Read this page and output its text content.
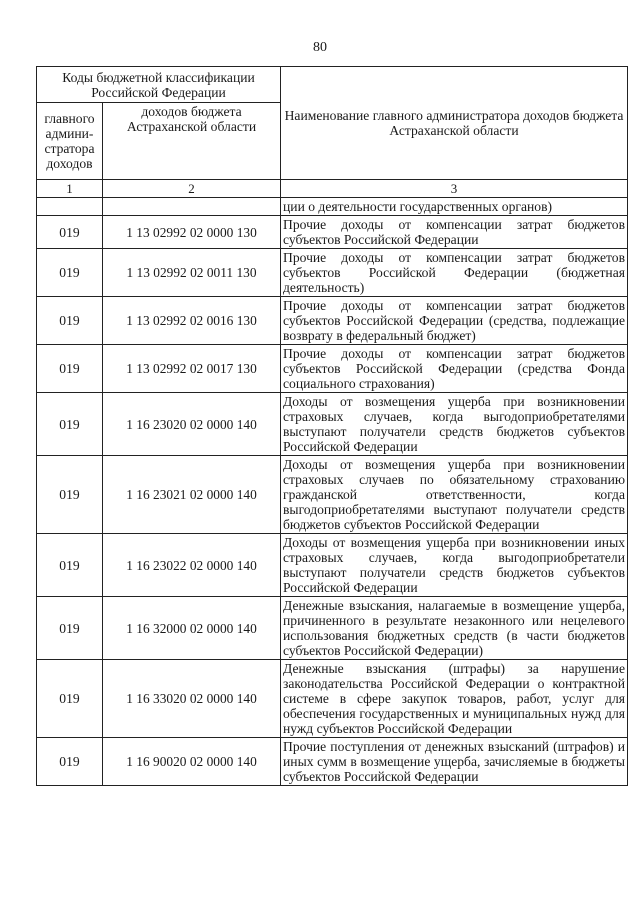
80
Коды бюджетной классификации Российской Федерации		Наименование главного администратора доходов бюджета Астраханской области
главного админи-стратора доходов	доходов бюджета Астраханской области	
1	2	3
		ции о деятельности государственных органов)
019	1 13 02992 02 0000 130	Прочие доходы от компенсации затрат бюджетов субъектов Российской Федерации
019	1 13 02992 02 0011 130	Прочие доходы от компенсации затрат бюджетов субъектов Российской Федерации (бюджетная деятельность)
019	1 13 02992 02 0016 130	Прочие доходы от компенсации затрат бюджетов субъектов Российской Федерации (средства, подлежащие возврату в федеральный бюджет)
019	1 13 02992 02 0017 130	Прочие доходы от компенсации затрат бюджетов субъектов Российской Федерации (средства Фонда социального страхования)
019	1 16 23020 02 0000 140	Доходы от возмещения ущерба при возникновении страховых случаев, когда выгодоприобретателями выступают получатели средств бюджетов субъектов Российской Федерации
019	1 16 23021 02 0000 140	Доходы от возмещения ущерба при возникновении страховых случаев по обязательному страхованию гражданской ответственности, когда выгодоприобретателями выступают получатели средств бюджетов субъектов Российской Федерации
019	1 16 23022 02 0000 140	Доходы от возмещения ущерба при возникновении иных страховых случаев, когда выгодоприобретатели выступают получатели средств бюджетов субъектов Российской Федерации
019	1 16 32000 02 0000 140	Денежные взыскания, налагаемые в возмещение ущерба, причиненного в результате незаконного или нецелевого использования бюджетных средств (в части бюджетов субъектов Российской Федерации)
019	1 16 33020 02 0000 140	Денежные взыскания (штрафы) за нарушение законодательства Российской Федерации о контрактной системе в сфере закупок товаров, работ, услуг для обеспечения государственных и муниципальных нужд для нужд субъектов Российской Федерации
019	1 16 90020 02 0000 140	Прочие поступления от денежных взысканий (штрафов) и иных сумм в возмещение ущерба, зачисляемые в бюджеты субъектов Российской Федерации
